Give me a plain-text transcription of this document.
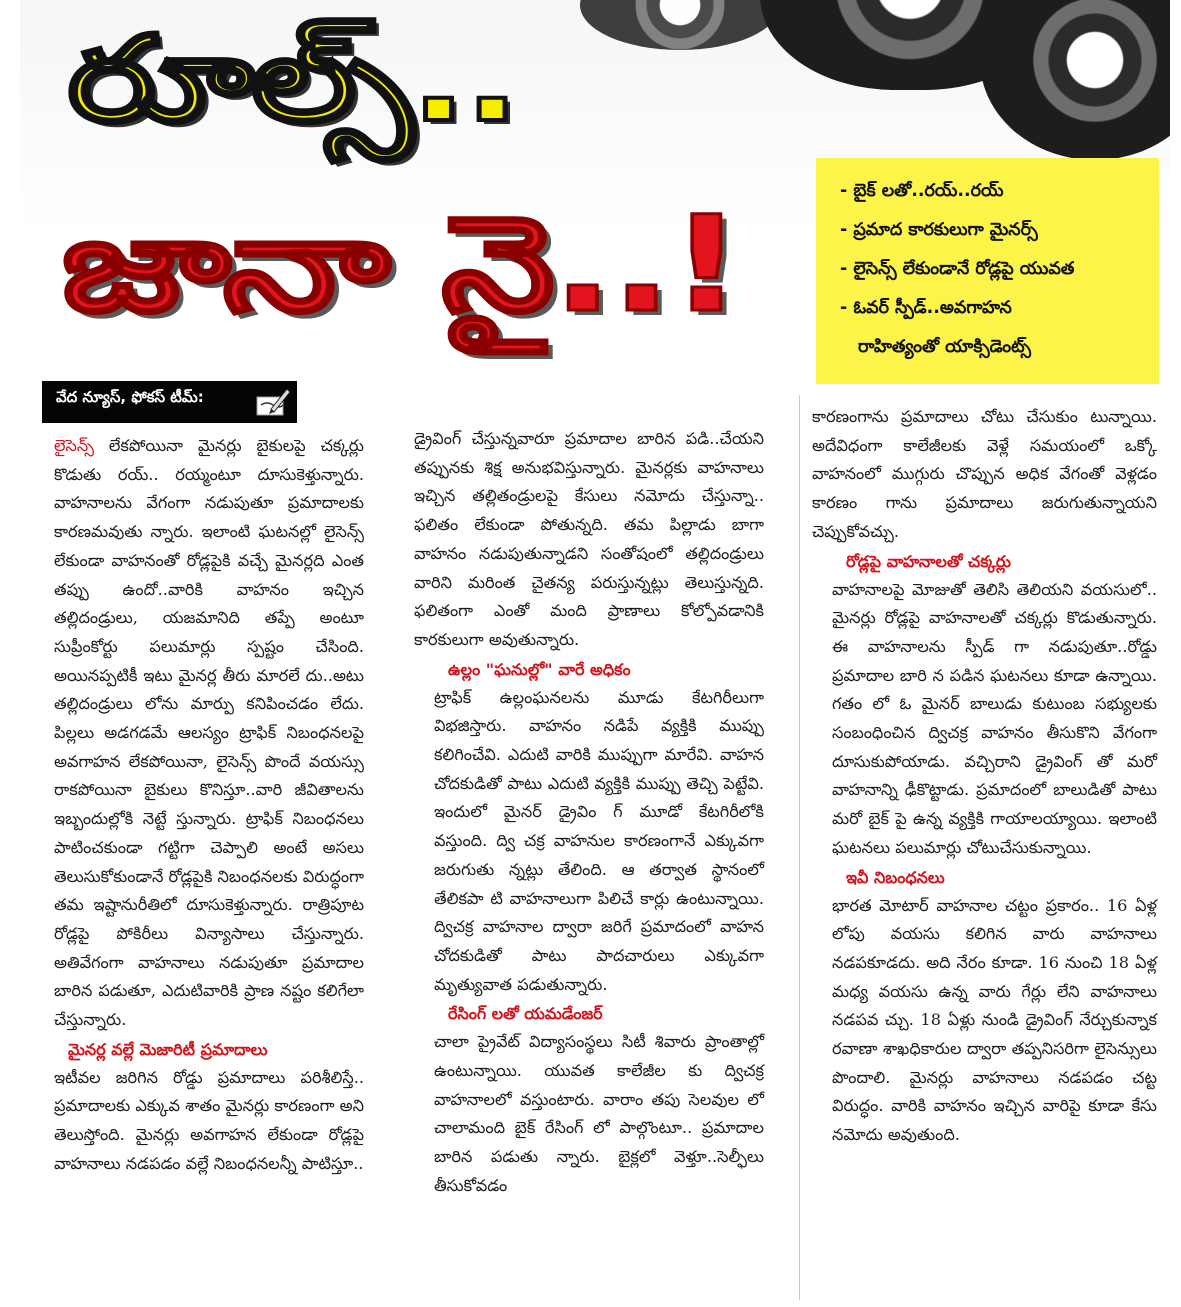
రూల్స్..
జానా నై..!	- బైక్ లతో..రయ్..రయ్
- ప్రమాద కారకులుగా మైనర్స్
- లైసెన్స్ లేకుండానే రోడ్లపై యువత
- ఓవర్ స్పీడ్..అవగాహన
రాహిత్యంతో యాక్సిడెంట్స్
వేద న్యూస్, ఫోకస్ టీమ్:

లైసెన్స్ లేకపోయినా మైనర్లు బైకులపై చక్కర్లు కొడుతు రయ్.. రయ్మంటూ దూసుకెళ్తున్నారు. వాహనాలను వేగంగా నడుపుతూ ప్రమాదాలకు కారణమవుతు న్నారు. ఇలాంటి ఘటనల్లో లైసెన్స్ లేకుండా వాహనంతో రోడ్లపైకి వచ్చే మైనర్లది ఎంత తప్పు ఉందో..వారికి వాహనం ఇచ్చిన తల్లిదండ్రులు, యజమానిది తప్పే అంటూ సుప్రీంకోర్టు పలుమార్లు స్పష్టం చేసింది. అయినప్పటికీ ఇటు మైనర్ల తీరు మారలే దు..అటు తల్లిదండ్రులు లోను మార్పు కనిపించడం లేదు. పిల్లలు అడగడమే ఆలస్యం ట్రాఫిక్ నిబంధనలపై అవగాహన లేకపోయినా, లైసెన్స్ పొందే వయస్సు రాకపోయినా బైకులు కొనిస్తూ..వారి జీవితాలను ఇబ్బందుల్లోకి నెట్టే స్తున్నారు. ట్రాఫిక్ నిబంధనలు పాటించకుండా గట్టిగా చెప్పాలి అంటే అసలు తెలుసుకోకుండానే రోడ్లపైకి నిబంధనలకు విరుద్ధంగా తమ ఇష్టానురీతిలో దూసుకెళ్తున్నారు. రాత్రిపూట రోడ్లపై పోకిరీలు విన్యాసాలు చేస్తున్నారు. అతివేగంగా వాహనాలు నడుపుతూ ప్రమాదాల బారిన పడుతూ, ఎదుటివారికి ప్రాణ నష్టం కలిగేలా చేస్తున్నారు.

మైనర్ల వల్లే మెజారిటీ ప్రమాదాలు

ఇటీవల జరిగిన రోడ్డు ప్రమాదాలు పరిశీలిస్తే.. ప్రమాదాలకు ఎక్కువ శాతం మైనర్లు కారణంగా అని తెలుస్తోంది. మైనర్లు అవగాహన లేకుండా రోడ్లపై వాహనాలు నడపడం వల్లే నిబంధనలన్నీ పాటిస్తూ..

డ్రైవింగ్ చేస్తున్నవారూ ప్రమాదాల బారిన పడి..చేయని తప్పునకు శిక్ష అనుభవిస్తున్నారు. మైనర్లకు వాహనాలు ఇచ్చిన తల్లితండ్రులపై కేసులు నమోదు చేస్తున్నా.. ఫలితం లేకుండా పోతున్నది. తమ పిల్లాడు బాగా వాహనం నడుపుతున్నాడని సంతోషంలో తల్లిదండ్రులు వారిని మరింత చైతన్య పరుస్తున్నట్లు తెలుస్తున్నది. ఫలితంగా ఎంతో మంది ప్రాణాలు కోల్పోవడానికి కారకులుగా అవుతున్నారు.

ఉల్లం "ఘనుల్లో" వారే అధికం

ట్రాఫిక్ ఉల్లంఘనలను మూడు కేటగిరీలుగా విభజిస్తారు. వాహనం నడిపే వ్యక్తికి ముప్పు కలిగించేవి. ఎదుటి వారికి ముప్పుగా మారేవి. వాహన చోదకుడితో పాటు ఎదుటి వ్యక్తికి ముప్పు తెచ్చి పెట్టేవి. ఇందులో మైనర్ డ్రైవిం గ్ మూడో కేటగిరీలోకి వస్తుంది. ద్వి చక్ర వాహనుల కారణంగానే ఎక్కువగా జరుగుతు న్నట్లు తేలింది. ఆ తర్వాత స్థానంలో తేలికపా టి వాహనాలుగా పిలిచే కార్లు ఉంటున్నాయి. ద్విచక్ర వాహనాల ద్వారా జరిగే ప్రమాదంలో వాహన చోదకుడితో పాటు పాదచారులు ఎక్కువగా మృత్యువాత పడుతున్నారు.

రేసింగ్ లతో యమడేంజర్

చాలా ప్రైవేట్ విద్యాసంస్థలు సిటీ శివారు ప్రాంతాల్లో ఉంటున్నాయి. యువత కాలేజీల కు ద్విచక్ర వాహనాలలో వస్తుంటారు. వారాం తపు సెలవుల లో చాలామంది బైక్ రేసింగ్ లో పాల్గొంటూ.. ప్రమాదాల బారిన పడుతు న్నారు. బైక్లలో వెళ్తూ..సెల్ఫీలు తీసుకోవడం

కారణంగాను ప్రమాదాలు చోటు చేసుకుం టున్నాయి. అదేవిధంగా కాలేజీలకు వెళ్లే సమయంలో ఒక్కో వాహనంలో ముగ్గురు చొప్పున అధిక వేగంతో వెళ్లడం కారణం గాను ప్రమాదాలు జరుగుతున్నాయని చెప్పుకోవచ్చు.

రోడ్లపై వాహనాలతో చక్కర్లు

వాహనాలపై మోజుతో తెలిసి తెలియని వయసులో.. మైనర్లు రోడ్లపై వాహనాలతో చక్కర్లు కొడుతున్నారు. ఈ వాహనాలను స్పీడ్ గా నడుపుతూ..రోడ్డు ప్రమాదాల బారి న పడిన ఘటనలు కూడా ఉన్నాయి. గతం లో ఓ మైనర్ బాలుడు కుటుంబ సభ్యులకు సంబంధించిన ద్విచక్ర వాహనం తీసుకొని వేగంగా దూసుకుపోయాడు. వచ్చిరాని డ్రైవింగ్ తో మరో వాహనాన్ని ఢీకొట్టాడు. ప్రమాదంలో బాలుడితో పాటు మరో బైక్ పై ఉన్న వ్యక్తికి గాయాలయ్యాయి. ఇలాంటి ఘటనలు పలుమార్లు చోటుచేసుకున్నాయి.

ఇవీ నిబంధనలు

భారత మోటార్ వాహనాల చట్టం ప్రకారం.. 16 ఏళ్ల లోపు వయసు కలిగిన వారు వాహనాలు నడపకూడదు. అది నేరం కూడా. 16 నుంచి 18 ఏళ్ల మధ్య వయసు ఉన్న వారు గేర్లు లేని వాహనాలు నడపవ చ్చు. 18 ఏళ్లు నుండి డ్రైవింగ్ నేర్చుకున్నాక రవాణా శాఖధికారుల ద్వారా తప్పనిసరిగా లైసెన్సులు పొందాలి. మైనర్లు వాహనాలు నడపడం చట్ట విరుద్ధం. వారికి వాహనం ఇచ్చిన వారిపై కూడా కేసు నమోదు అవుతుంది.
